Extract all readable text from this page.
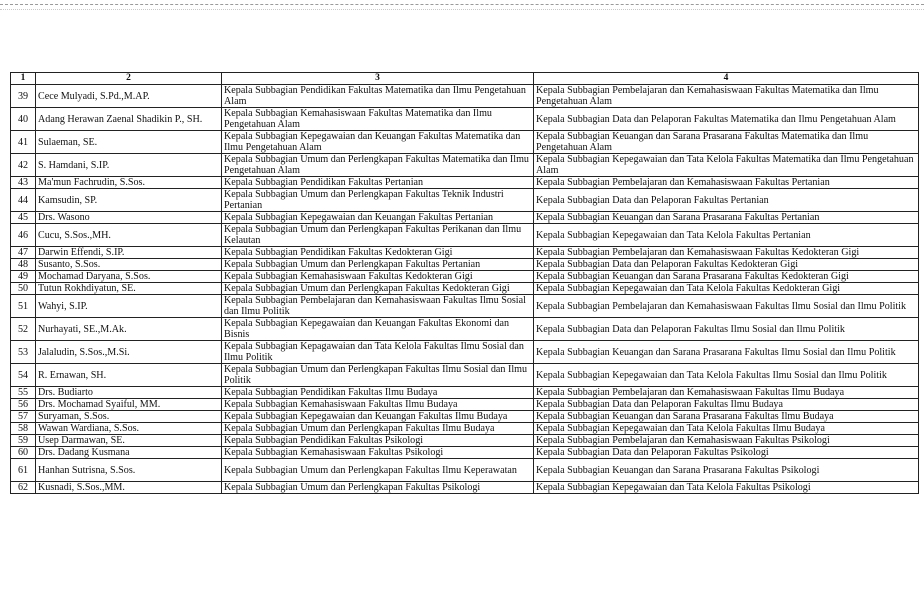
1	2	3	4
39	Cece Mulyadi, S.Pd.,M.AP.	Kepala Subbagian Pendidikan Fakultas Matematika dan Ilmu Pengetahuan Alam	Kepala Subbagian Pembelajaran dan Kemahasiswaan Fakultas Matematika dan Ilmu Pengetahuan Alam
40	Adang Herawan Zaenal Shadikin P., SH.	Kepala Subbagian Kemahasiswaan Fakultas Matematika dan Ilmu Pengetahuan Alam	Kepala Subbagian Data dan Pelaporan Fakultas Matematika dan Ilmu Pengetahuan Alam
41	Sulaeman, SE.	Kepala Subbagian Kepegawaian dan Keuangan Fakultas Matematika dan Ilmu Pengetahuan Alam	Kepala Subbagian Keuangan dan Sarana Prasarana Fakultas Matematika dan Ilmu Pengetahuan Alam
42	S. Hamdani, S.IP.	Kepala Subbagian Umum dan Perlengkapan Fakultas Matematika dan Ilmu Pengetahuan Alam	Kepala Subbagian Kepegawaian dan Tata Kelola Fakultas Matematika dan Ilmu Pengetahuan Alam
43	Ma'mun Fachrudin, S.Sos.	Kepala Subbagian Pendidikan Fakultas Pertanian	Kepala Subbagian Pembelajaran dan Kemahasiswaan Fakultas Pertanian
44	Kamsudin, SP.	Kepala Subbagian Umum dan Perlengkapan Fakultas Teknik Industri Pertanian	Kepala Subbagian Data dan Pelaporan Fakultas Pertanian
45	Drs. Wasono	Kepala Subbagian Kepegawaian dan Keuangan Fakultas Pertanian	Kepala Subbagian Keuangan dan Sarana Prasarana Fakultas Pertanian
46	Cucu, S.Sos.,MH.	Kepala Subbagian Umum dan Perlengkapan Fakultas Perikanan dan Ilmu Kelautan	Kepala Subbagian Kepegawaian dan Tata Kelola Fakultas Pertanian
47	Darwin Effendi, S.IP.	Kepala Subbagian Pendidikan Fakultas Kedokteran Gigi	Kepala Subbagian Pembelajaran dan Kemahasiswaan Fakultas Kedokteran Gigi
48	Susanto, S.Sos.	Kepala Subbagian Umum dan Perlengkapan Fakultas Pertanian	Kepala Subbagian Data dan Pelaporan Fakultas Kedokteran Gigi
49	Mochamad Daryana, S.Sos.	Kepala Subbagian Kemahasiswaan Fakultas Kedokteran Gigi	Kepala Subbagian Keuangan dan Sarana Prasarana Fakultas Kedokteran Gigi
50	Tutun Rokhdiyatun, SE.	Kepala Subbagian Umum dan Perlengkapan Fakultas Kedokteran Gigi	Kepala Subbagian Kepegawaian dan Tata Kelola Fakultas Kedokteran Gigi
51	Wahyi, S.IP.	Kepala Subbagian Pembelajaran dan Kemahasiswaan Fakultas Ilmu Sosial dan Ilmu Politik	Kepala Subbagian Pembelajaran dan Kemahasiswaan Fakultas Ilmu Sosial dan Ilmu Politik
52	Nurhayati, SE.,M.Ak.	Kepala Subbagian Kepegawaian dan Keuangan Fakultas Ekonomi dan Bisnis	Kepala Subbagian Data dan Pelaporan Fakultas Ilmu Sosial dan Ilmu Politik
53	Jalaludin, S.Sos.,M.Si.	Kepala Subbagian Kepagawaian dan Tata Kelola Fakultas Ilmu Sosial dan Ilmu Politik	Kepala Subbagian Keuangan dan Sarana Prasarana Fakultas Ilmu Sosial dan Ilmu Politik
54	R. Ernawan, SH.	Kepala Subbagian Umum dan Perlengkapan Fakultas Ilmu Sosial dan Ilmu Politik	Kepala Subbagian Kepegawaian dan Tata Kelola Fakultas Ilmu Sosial dan Ilmu Politik
55	Drs. Budiarto	Kepala Subbagian Pendidikan Fakultas Ilmu Budaya	Kepala Subbagian Pembelajaran dan Kemahasiswaan Fakultas Ilmu Budaya
56	Drs. Mochamad Syaiful, MM.	Kepala Subbagian Kemahasiswaan Fakultas Ilmu Budaya	Kepala Subbagian Data dan Pelaporan Fakultas Ilmu Budaya
57	Suryaman, S.Sos.	Kepala Subbagian Kepegawaian dan Keuangan Fakultas Ilmu Budaya	Kepala Subbagian Keuangan dan Sarana Prasarana Fakultas Ilmu Budaya
58	Wawan Wardiana, S.Sos.	Kepala Subbagian Umum dan Perlengkapan Fakultas Ilmu Budaya	Kepala Subbagian Kepegawaian dan Tata Kelola Fakultas Ilmu Budaya
59	Usep Darmawan, SE.	Kepala Subbagian Pendidikan Fakultas Psikologi	Kepala Subbagian Pembelajaran dan Kemahasiswaan Fakultas Psikologi
60	Drs. Dadang Kusmana	Kepala Subbagian Kemahasiswaan Fakultas Psikologi	Kepala Subbagian Data dan Pelaporan Fakultas Psikologi
61	Hanhan Sutrisna, S.Sos.	Kepala Subbagian Umum dan Perlengkapan Fakultas Ilmu Keperawatan	Kepala Subbagian Keuangan dan Sarana Prasarana Fakultas Psikologi
62	Kusnadi, S.Sos.,MM.	Kepala Subbagian Umum dan Perlengkapan Fakultas Psikologi	Kepala Subbagian Kepegawaian dan Tata Kelola Fakultas Psikologi
